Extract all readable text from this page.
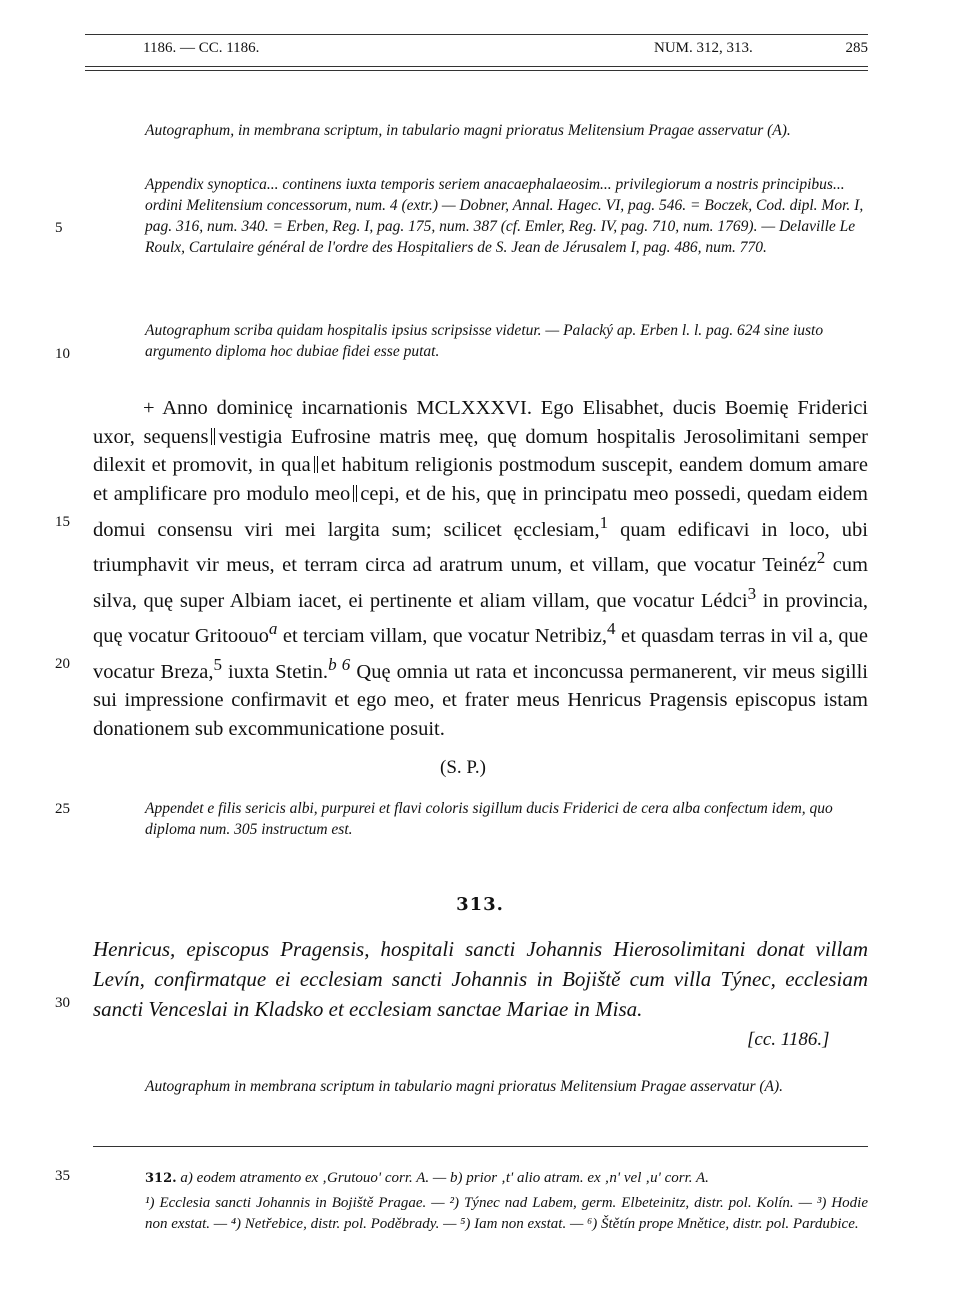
1186. — CC. 1186.	NUM. 312, 313.	285
5
10
15
20
25
30
35

Autographum, in membrana scriptum, in tabulario magni prioratus Melitensium Pragae asservatur (A).

Appendix synoptica... continens iuxta temporis seriem anacaephalaeosim... privilegiorum a nostris principibus... ordini Melitensium concessorum, num. 4 (extr.) — Dobner, Annal. Hagec. VI, pag. 546. = Boczek, Cod. dipl. Mor. I, pag. 316, num. 340. = Erben, Reg. I, pag. 175, num. 387 (cf. Emler, Reg. IV, pag. 710, num. 1769). — Delaville Le Roulx, Cartulaire général de l'ordre des Hospitaliers de S. Jean de Jérusalem I, pag. 486, num. 770.

Autographum scriba quidam hospitalis ipsius scripsisse videtur. — Palacký ap. Erben l. l. pag. 624 sine iusto argumento diploma hoc dubiae fidei esse putat.

+ Anno dominicę incarnationis MCLXXXVI. Ego Elisabhet, ducis Boemię Friderici uxor, sequens vestigia Eufrosine matris meę, quę domum hospitalis Jerosolimitani semper dilexit et promovit, in qua et habitum religionis postmodum suscepit, eandem domum amare et amplificare pro modulo meo cepi, et de his, quę in principatu meo possedi, quedam eidem domui consensu viri mei largita sum; scilicet ęcclesiam,$^1$ quam edificavi in loco, ubi triumphavit vir meus, et terram circa ad aratrum unum, et villam, que vocatur Teinéz$^2$ cum silva, quę super Albiam iacet, ei pertinente et aliam villam, que vocatur Lédci$^3$ in provincia, quę vocatur Gritoouo$^a$ et terciam villam, que vocatur Netribiz,$^4$ et quasdam terras in vil a, que vocatur Breza,$^5$ iuxta Stetin.$^{b 6}$ Quę omnia ut rata et inconcussa permanerent, vir meus sigilli sui impressione confirmavit et ego meo, et frater meus Henricus Pragensis episcopus istam donationem sub excommunicatione posuit.

(S. P.)

Appendet e filis sericis albi, purpurei et flavi coloris sigillum ducis Friderici de cera alba confectum idem, quo diploma num. 305 instructum est.

313.

Henricus, episcopus Pragensis, hospitali sancti Johannis Hierosolimitani donat villam Levín, confirmatque ei ecclesiam sancti Johannis in Bojiště cum villa Týnec, ecclesiam sancti Venceslai in Kladsko et ecclesiam sanctae Mariae in Misa.

[cc. 1186.]

Autographum in membrana scriptum in tabulario magni prioratus Melitensium Pragae asservatur (A).

312. a) eodem atramento ex ‚Grutouo' corr. A. — b) prior ‚t' alio atram. ex ‚n' vel ‚u' corr. A.
¹) Ecclesia sancti Johannis in Bojiště Pragae. — ²) Týnec nad Labem, germ. Elbeteinitz, distr. pol. Kolín. — ³) Hodie non exstat. — ⁴) Netřebice, distr. pol. Poděbrady. — ⁵) Iam non exstat. — ⁶) Štětín prope Mnětice, distr. pol. Pardubice.
